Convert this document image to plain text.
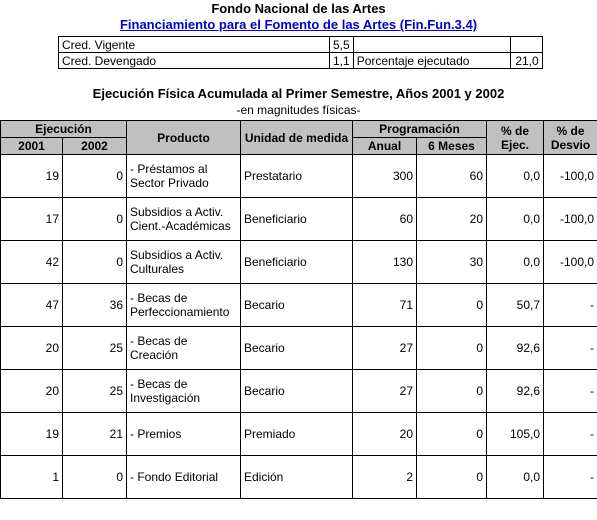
Fondo Nacional de las Artes
Financiamiento para el Fomento de las Artes (Fin.Fun.3.4)
Cred. Vigente	5,5		
Cred. Devengado	1,1	Porcentaje ejecutado	21,0
Ejecución Física Acumulada al Primer Semestre, Años 2001 y 2002
-en magnitudes físicas-
Ejecución		Producto	Unidad de medida	Programación		% de Ejec.	% de Desvio
2001	2002			Anual	6 Meses		
19	0	- Préstamos al Sector Privado	Prestatario	300	60	0,0	-100,0
17	0	Subsidios a Activ. Cient.-Académicas	Beneficiario	60	20	0,0	-100,0
42	0	Subsidios a Activ. Culturales	Beneficiario	130	30	0,0	-100,0
47	36	- Becas de Perfeccionamiento	Becario	71	0	50,7	-
20	25	- Becas de Creación	Becario	27	0	92,6	-
20	25	- Becas de Investigación	Becario	27	0	92,6	-
19	21	- Premios	Premiado	20	0	105,0	-
1	0	- Fondo Editorial	Edición	2	0	0,0	-
